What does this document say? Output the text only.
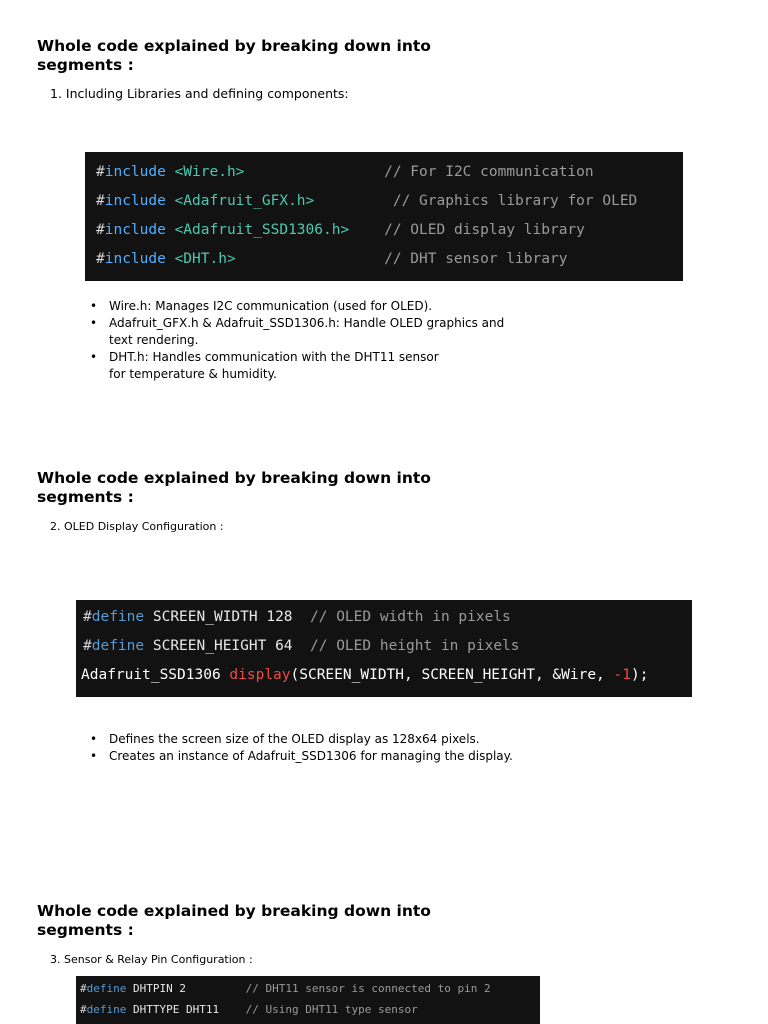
Whole code explained by breaking down into segments :
1. Including Libraries and defining components:

#include <Wire.h>	// For I2C communication

#include <Adafruit_GFX.h>	// Graphics library for OLED

#include <Adafruit_SSD1306.h> // OLED display library

#include <DHT.h>	// DHT sensor library

• Wire.h: Manages I2C communication (used for OLED).
• Adafruit_GFX.h & Adafruit_SSD1306.h: Handle OLED graphics and text rendering.
• DHT.h: Handles communication with the DHT11 sensor for temperature & humidity.
Whole code explained by breaking down into segments :
2. OLED Display Configuration :

#define SCREEN_WIDTH 128  // OLED width in pixels

#define SCREEN_HEIGHT 64  // OLED height in pixels

Adafruit_SSD1306 display(SCREEN_WIDTH, SCREEN_HEIGHT, &Wire, -1);

• Defines the screen size of the OLED display as 128x64 pixels.
• Creates an instance of Adafruit_SSD1306 for managing the display.
Whole code explained by breaking down into segments :
3. Sensor & Relay Pin Configuration :

#define DHTPIN 2         // DHT11 sensor is connected to pin 2

#define DHTTYPE DHT11    // Using DHT11 type sensor
